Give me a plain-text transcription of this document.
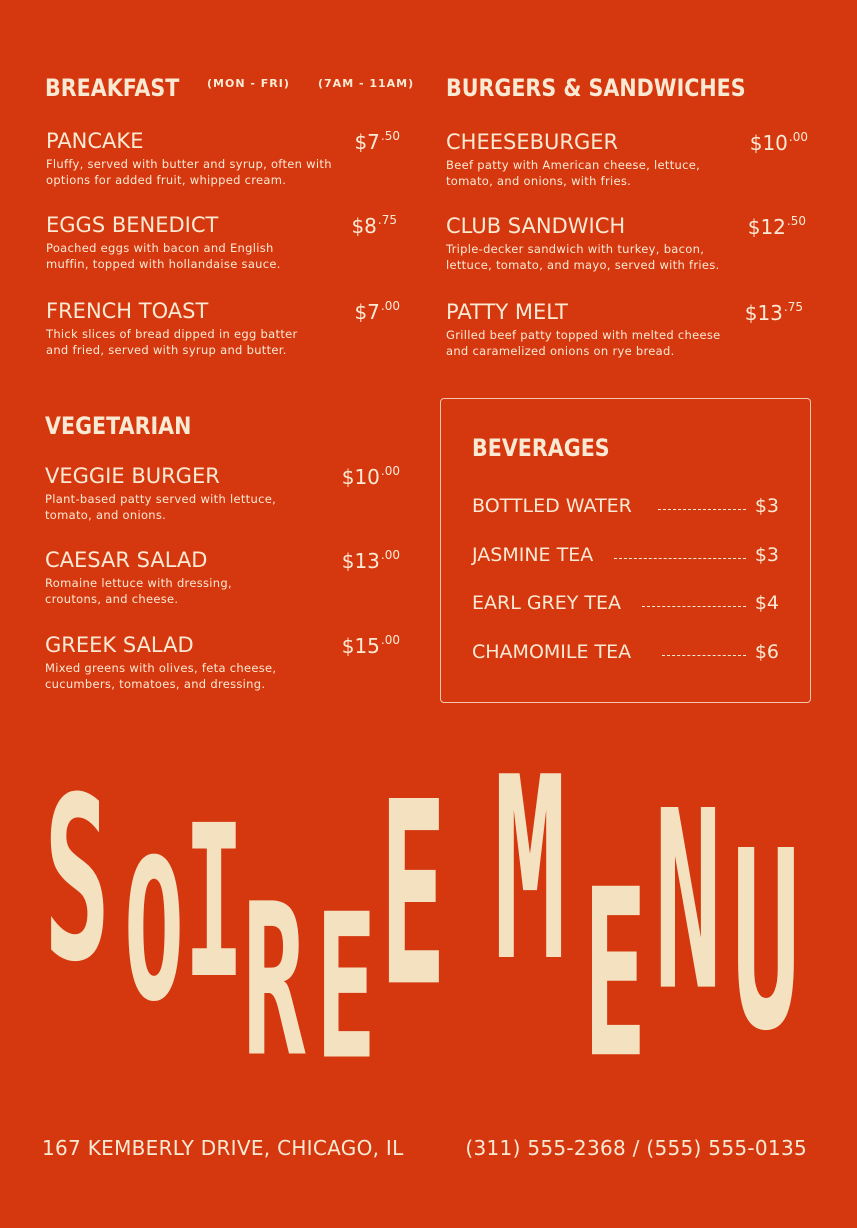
BREAKFAST	(MON - FRI)	(7AM - 11AM)
PANCAKE	$\$7^{.50}$
Fluffy, served with butter and syrup, often with options for added fruit, whipped cream.
EGGS BENEDICT	$\$8^{.75}$
Poached eggs with bacon and English muffin, topped with hollandaise sauce.
FRENCH TOAST	$\$7^{.00}$
Thick slices of bread dipped in egg batter and fried, served with syrup and butter.
BURGERS & SANDWICHES
CHEESEBURGER	$\$10^{.00}$
Beef patty with American cheese, lettuce, tomato, and onions, with fries.
CLUB SANDWICH	$\$12^{.50}$
Triple-decker sandwich with turkey, bacon, lettuce, tomato, and mayo, served with fries.
PATTY MELT	$\$13^{.75}$
Grilled beef patty topped with melted cheese and caramelized onions on rye bread.
VEGETARIAN
VEGGIE BURGER	$\$10^{.00}$
Plant-based patty served with lettuce, tomato, and onions.
CAESAR SALAD	$\$13^{.00}$
Romaine lettuce with dressing, croutons, and cheese.
GREEK SALAD	$\$15^{.00}$
Mixed greens with olives, feta cheese, cucumbers, tomatoes, and dressing.
BEVERAGES
BOTTLED WATER	$3
JASMINE TEA	$3
EARL GREY TEA	$4
CHAMOMILE TEA	$6
S O I
R E E M E N U
167 KEMBERLY DRIVE, CHICAGO, IL	(311) 555-2368 / (555) 555-0135
